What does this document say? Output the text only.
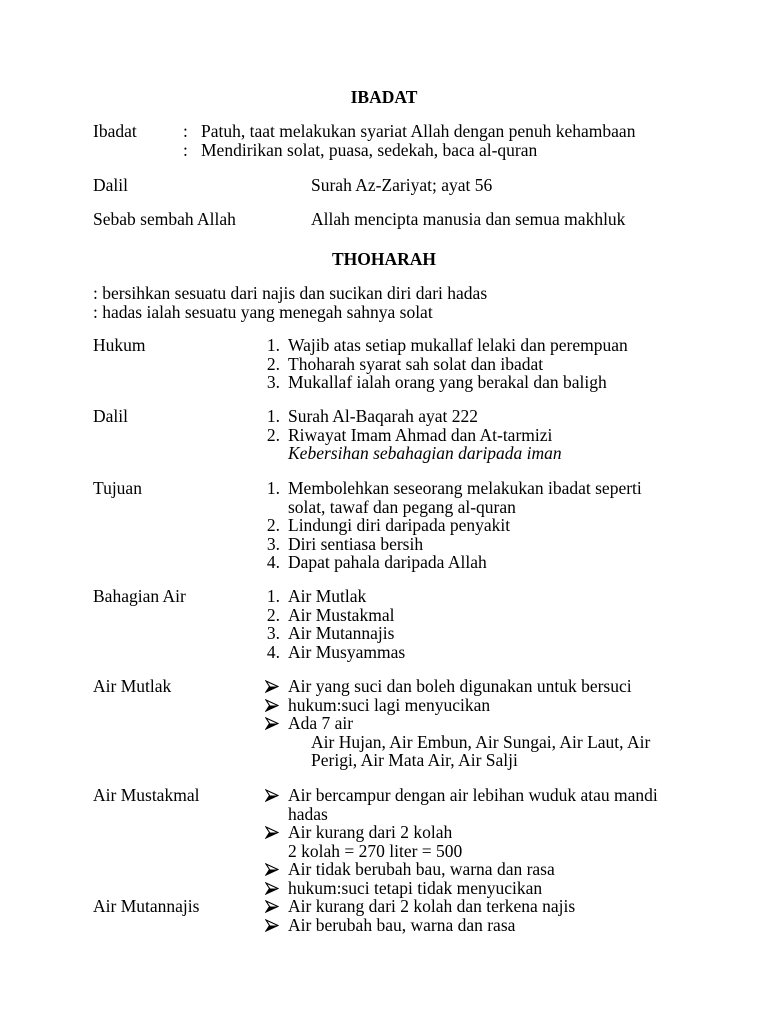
IBADAT
Ibadat	: Patuh, taat melakukan syariat Allah dengan penuh kehambaan
: Mendirikan solat, puasa, sedekah, baca al-quran
Dalil	Surah Az-Zariyat; ayat 56
Sebab sembah Allah	Allah mencipta manusia dan semua makhluk
THOHARAH
: bersihkan sesuatu dari najis dan sucikan diri dari hadas
: hadas ialah sesuatu yang menegah sahnya solat
Hukum	1. Wajib atas setiap mukallaf lelaki dan perempuan
2. Thoharah syarat sah solat dan ibadat
3. Mukallaf ialah orang yang berakal dan baligh
Dalil	1. Surah Al-Baqarah ayat 222
2. Riwayat Imam Ahmad dan At-tarmizi
Kebersihan sebahagian daripada iman
Tujuan	1. Membolehkan seseorang melakukan ibadat seperti
solat, tawaf dan pegang al-quran
2. Lindungi diri daripada penyakit
3. Diri sentiasa bersih
4. Dapat pahala daripada Allah
Bahagian Air	1. Air Mutlak
2. Air Mustakmal
3. Air Mutannajis
4. Air Musyammas
Air Mutlak	Air yang suci dan boleh digunakan untuk bersuci
hukum:suci lagi menyucikan
Ada 7 air
Air Hujan, Air Embun, Air Sungai, Air Laut, Air
Perigi, Air Mata Air, Air Salji
Air Mustakmal	Air bercampur dengan air lebihan wuduk atau mandi
hadas
Air kurang dari 2 kolah
2 kolah = 270 liter = 500
Air tidak berubah bau, warna dan rasa
hukum:suci tetapi tidak menyucikan
Air Mutannajis	Air kurang dari 2 kolah dan terkena najis
Air berubah bau, warna dan rasa
